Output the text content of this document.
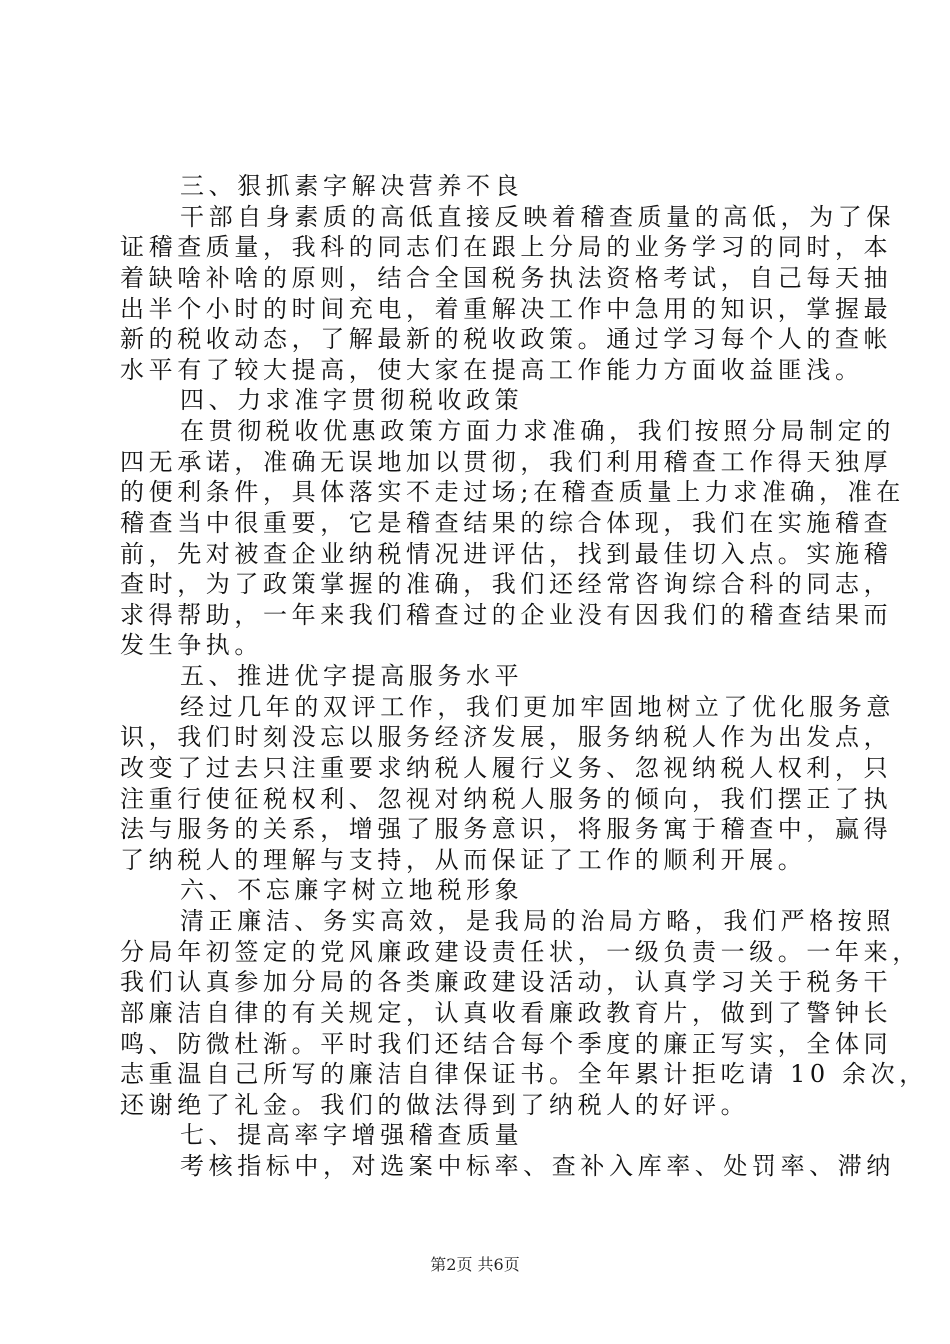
三、狠抓素字解决营养不良
干部自身素质的高低直接反映着稽查质量的高低，为了保
证稽查质量，我科的同志们在跟上分局的业务学习的同时，本
着缺啥补啥的原则，结合全国税务执法资格考试，自己每天抽
出半个小时的时间充电，着重解决工作中急用的知识，掌握最
新的税收动态，了解最新的税收政策。通过学习每个人的查帐
水平有了较大提高，使大家在提高工作能力方面收益匪浅。
四、力求准字贯彻税收政策
在贯彻税收优惠政策方面力求准确，我们按照分局制定的
四无承诺，准确无误地加以贯彻，我们利用稽查工作得天独厚
的便利条件，具体落实不走过场;在稽查质量上力求准确，准在
稽查当中很重要，它是稽查结果的综合体现，我们在实施稽查
前，先对被查企业纳税情况进评估，找到最佳切入点。实施稽
查时，为了政策掌握的准确，我们还经常咨询综合科的同志，
求得帮助，一年来我们稽查过的企业没有因我们的稽查结果而
发生争执。
五、推进优字提高服务水平
经过几年的双评工作，我们更加牢固地树立了优化服务意
识，我们时刻没忘以服务经济发展，服务纳税人作为出发点，
改变了过去只注重要求纳税人履行义务、忽视纳税人权利，只
注重行使征税权利、忽视对纳税人服务的倾向，我们摆正了执
法与服务的关系，增强了服务意识，将服务寓于稽查中，赢得
了纳税人的理解与支持，从而保证了工作的顺利开展。
六、不忘廉字树立地税形象
清正廉洁、务实高效，是我局的治局方略，我们严格按照
分局年初签定的党风廉政建设责任状，一级负责一级。一年来，
我们认真参加分局的各类廉政建设活动，认真学习关于税务干
部廉洁自律的有关规定，认真收看廉政教育片，做到了警钟长
鸣、防微杜渐。平时我们还结合每个季度的廉正写实，全体同
志重温自己所写的廉洁自律保证书。全年累计拒吃请 10 余次，
还谢绝了礼金。我们的做法得到了纳税人的好评。
七、提高率字增强稽查质量
考核指标中，对选案中标率、查补入库率、处罚率、滞纳
第2页 共6页
